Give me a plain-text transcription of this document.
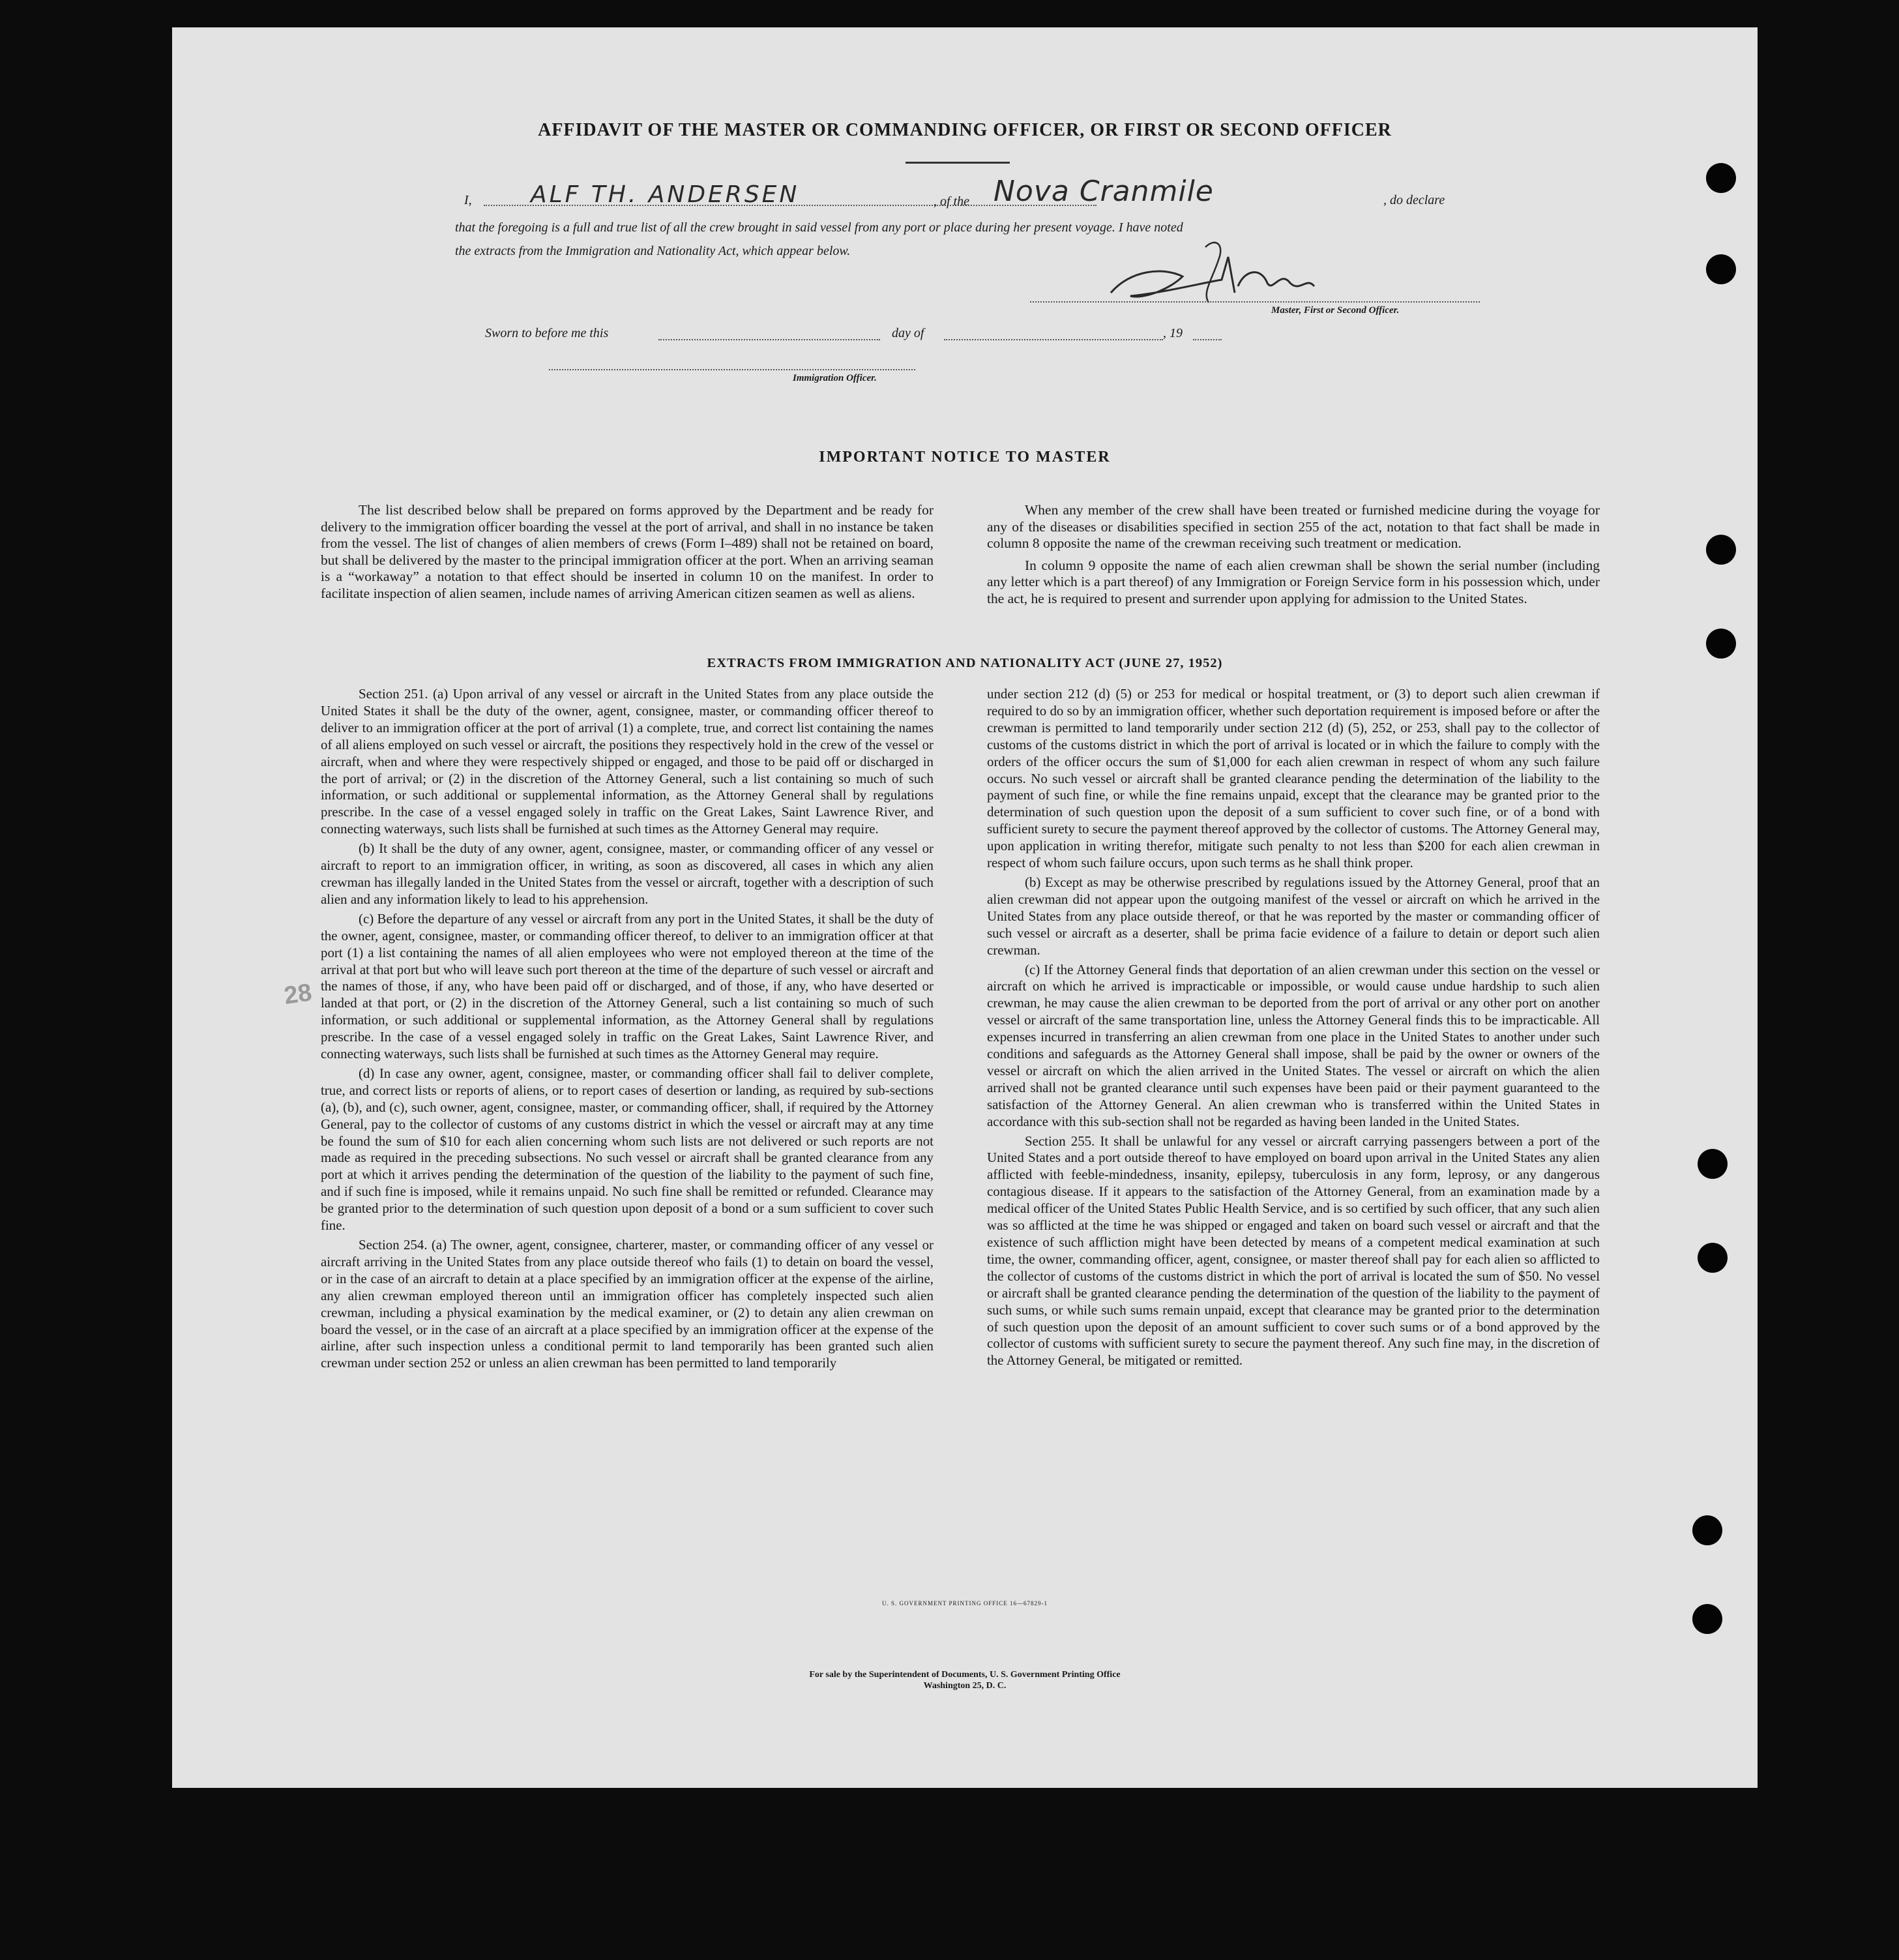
AFFIDAVIT OF THE MASTER OR COMMANDING OFFICER, OR FIRST OR SECOND OFFICER
I,	ALF TH. ANDERSEN	, of the Nova Cranmile	, do declare
that the foregoing is a full and true list of all the crew brought in said vessel from any port or place during her present voyage. I have noted
the extracts from the Immigration and Nationality Act, which appear below.
Master, First or Second Officer.
Sworn to before me this	day of	, 19
Immigration Officer.
IMPORTANT NOTICE TO MASTER

The list described below shall be prepared on forms approved by the Department and be ready for delivery to the immigration officer boarding the vessel at the port of arrival, and shall in no instance be taken from the vessel. The list of changes of alien members of crews (Form I–489) shall not be retained on board, but shall be delivered by the master to the principal immigration officer at the port. When an arriving seaman is a “workaway” a notation to that effect should be inserted in column 10 on the manifest. In order to facilitate inspection of alien seamen, include names of arriving American citizen seamen as well as aliens.

When any member of the crew shall have been treated or furnished medicine during the voyage for any of the diseases or disabilities specified in section 255 of the act, notation to that fact shall be made in column 8 opposite the name of the crewman receiving such treatment or medication.

In column 9 opposite the name of each alien crewman shall be shown the serial number (including any letter which is a part thereof) of any Immigration or Foreign Service form in his possession which, under the act, he is required to present and surrender upon applying for admission to the United States.

EXTRACTS FROM IMMIGRATION AND NATIONALITY ACT (JUNE 27, 1952)

Section 251. (a) Upon arrival of any vessel or aircraft in the United States from any place outside the United States it shall be the duty of the owner, agent, consignee, master, or commanding officer thereof to deliver to an immigration officer at the port of arrival (1) a complete, true, and correct list containing the names of all aliens employed on such vessel or aircraft, the positions they respectively hold in the crew of the vessel or aircraft, when and where they were respectively shipped or engaged, and those to be paid off or discharged in the port of arrival; or (2) in the discretion of the Attorney General, such a list containing so much of such information, or such additional or supplemental information, as the Attorney General shall by regulations prescribe. In the case of a vessel engaged solely in traffic on the Great Lakes, Saint Lawrence River, and connecting waterways, such lists shall be furnished at such times as the Attorney General may require.

(b) It shall be the duty of any owner, agent, consignee, master, or commanding officer of any vessel or aircraft to report to an immigration officer, in writing, as soon as discovered, all cases in which any alien crewman has illegally landed in the United States from the vessel or aircraft, together with a description of such alien and any information likely to lead to his apprehension.

(c) Before the departure of any vessel or aircraft from any port in the United States, it shall be the duty of the owner, agent, consignee, master, or commanding officer thereof, to deliver to an immigration officer at that port (1) a list containing the names of all alien employees who were not employed thereon at the time of the arrival at that port but who will leave such port thereon at the time of the departure of such vessel or aircraft and the names of those, if any, who have been paid off or discharged, and of those, if any, who have deserted or landed at that port, or (2) in the discretion of the Attorney General, such a list containing so much of such information, or such additional or supplemental information, as the Attorney General shall by regulations prescribe. In the case of a vessel engaged solely in traffic on the Great Lakes, Saint Lawrence River, and connecting waterways, such lists shall be furnished at such times as the Attorney General may require.

(d) In case any owner, agent, consignee, master, or commanding officer shall fail to deliver complete, true, and correct lists or reports of aliens, or to report cases of desertion or landing, as required by sub-sections (a), (b), and (c), such owner, agent, consignee, master, or commanding officer, shall, if required by the Attorney General, pay to the collector of customs of any customs district in which the vessel or aircraft may at any time be found the sum of $10 for each alien concerning whom such lists are not delivered or such reports are not made as required in the preceding subsections. No such vessel or aircraft shall be granted clearance from any port at which it arrives pending the determination of the question of the liability to the payment of such fine, and if such fine is imposed, while it remains unpaid. No such fine shall be remitted or refunded. Clearance may be granted prior to the determination of such question upon deposit of a bond or a sum sufficient to cover such fine.

Section 254. (a) The owner, agent, consignee, charterer, master, or commanding officer of any vessel or aircraft arriving in the United States from any place outside thereof who fails (1) to detain on board the vessel, or in the case of an aircraft to detain at a place specified by an immigration officer at the expense of the airline, any alien crewman employed thereon until an immigration officer has completely inspected such alien crewman, including a physical examination by the medical examiner, or (2) to detain any alien crewman on board the vessel, or in the case of an aircraft at a place specified by an immigration officer at the expense of the airline, after such inspection unless a conditional permit to land temporarily has been granted such alien crewman under section 252 or unless an alien crewman has been permitted to land temporarily

under section 212 (d) (5) or 253 for medical or hospital treatment, or (3) to deport such alien crewman if required to do so by an immigration officer, whether such deportation requirement is imposed before or after the crewman is permitted to land temporarily under section 212 (d) (5), 252, or 253, shall pay to the collector of customs of the customs district in which the port of arrival is located or in which the failure to comply with the orders of the officer occurs the sum of $1,000 for each alien crewman in respect of whom any such failure occurs. No such vessel or aircraft shall be granted clearance pending the determination of the liability to the payment of such fine, or while the fine remains unpaid, except that the clearance may be granted prior to the determination of such question upon the deposit of a sum sufficient to cover such fine, or of a bond with sufficient surety to secure the payment thereof approved by the collector of customs. The Attorney General may, upon application in writing therefor, mitigate such penalty to not less than $200 for each alien crewman in respect of whom such failure occurs, upon such terms as he shall think proper.

(b) Except as may be otherwise prescribed by regulations issued by the Attorney General, proof that an alien crewman did not appear upon the outgoing manifest of the vessel or aircraft on which he arrived in the United States from any place outside thereof, or that he was reported by the master or commanding officer of such vessel or aircraft as a deserter, shall be prima facie evidence of a failure to detain or deport such alien crewman.

(c) If the Attorney General finds that deportation of an alien crewman under this section on the vessel or aircraft on which he arrived is impracticable or impossible, or would cause undue hardship to such alien crewman, he may cause the alien crewman to be deported from the port of arrival or any other port on another vessel or aircraft of the same transportation line, unless the Attorney General finds this to be impracticable. All expenses incurred in transferring an alien crewman from one place in the United States to another under such conditions and safeguards as the Attorney General shall impose, shall be paid by the owner or owners of the vessel or aircraft on which the alien arrived in the United States. The vessel or aircraft on which the alien arrived shall not be granted clearance until such expenses have been paid or their payment guaranteed to the satisfaction of the Attorney General. An alien crewman who is transferred within the United States in accordance with this sub-section shall not be regarded as having been landed in the United States.

Section 255. It shall be unlawful for any vessel or aircraft carrying passengers between a port of the United States and a port outside thereof to have employed on board upon arrival in the United States any alien afflicted with feeble-mindedness, insanity, epilepsy, tuberculosis in any form, leprosy, or any dangerous contagious disease. If it appears to the satisfaction of the Attorney General, from an examination made by a medical officer of the United States Public Health Service, and is so certified by such officer, that any such alien was so afflicted at the time he was shipped or engaged and taken on board such vessel or aircraft and that the existence of such affliction might have been detected by means of a competent medical examination at such time, the owner, commanding officer, agent, consignee, or master thereof shall pay for each alien so afflicted to the collector of customs of the customs district in which the port of arrival is located the sum of $50. No vessel or aircraft shall be granted clearance pending the determination of the question of the liability to the payment of such sums, or while such sums remain unpaid, except that clearance may be granted prior to the determination of such question upon the deposit of an amount sufficient to cover such sums or of a bond approved by the collector of customs with sufficient surety to secure the payment thereof. Any such fine may, in the discretion of the Attorney General, be mitigated or remitted.

28
U. S. GOVERNMENT PRINTING OFFICE 16—67829-1
For sale by the Superintendent of Documents, U. S. Government Printing Office
Washington 25, D. C.
